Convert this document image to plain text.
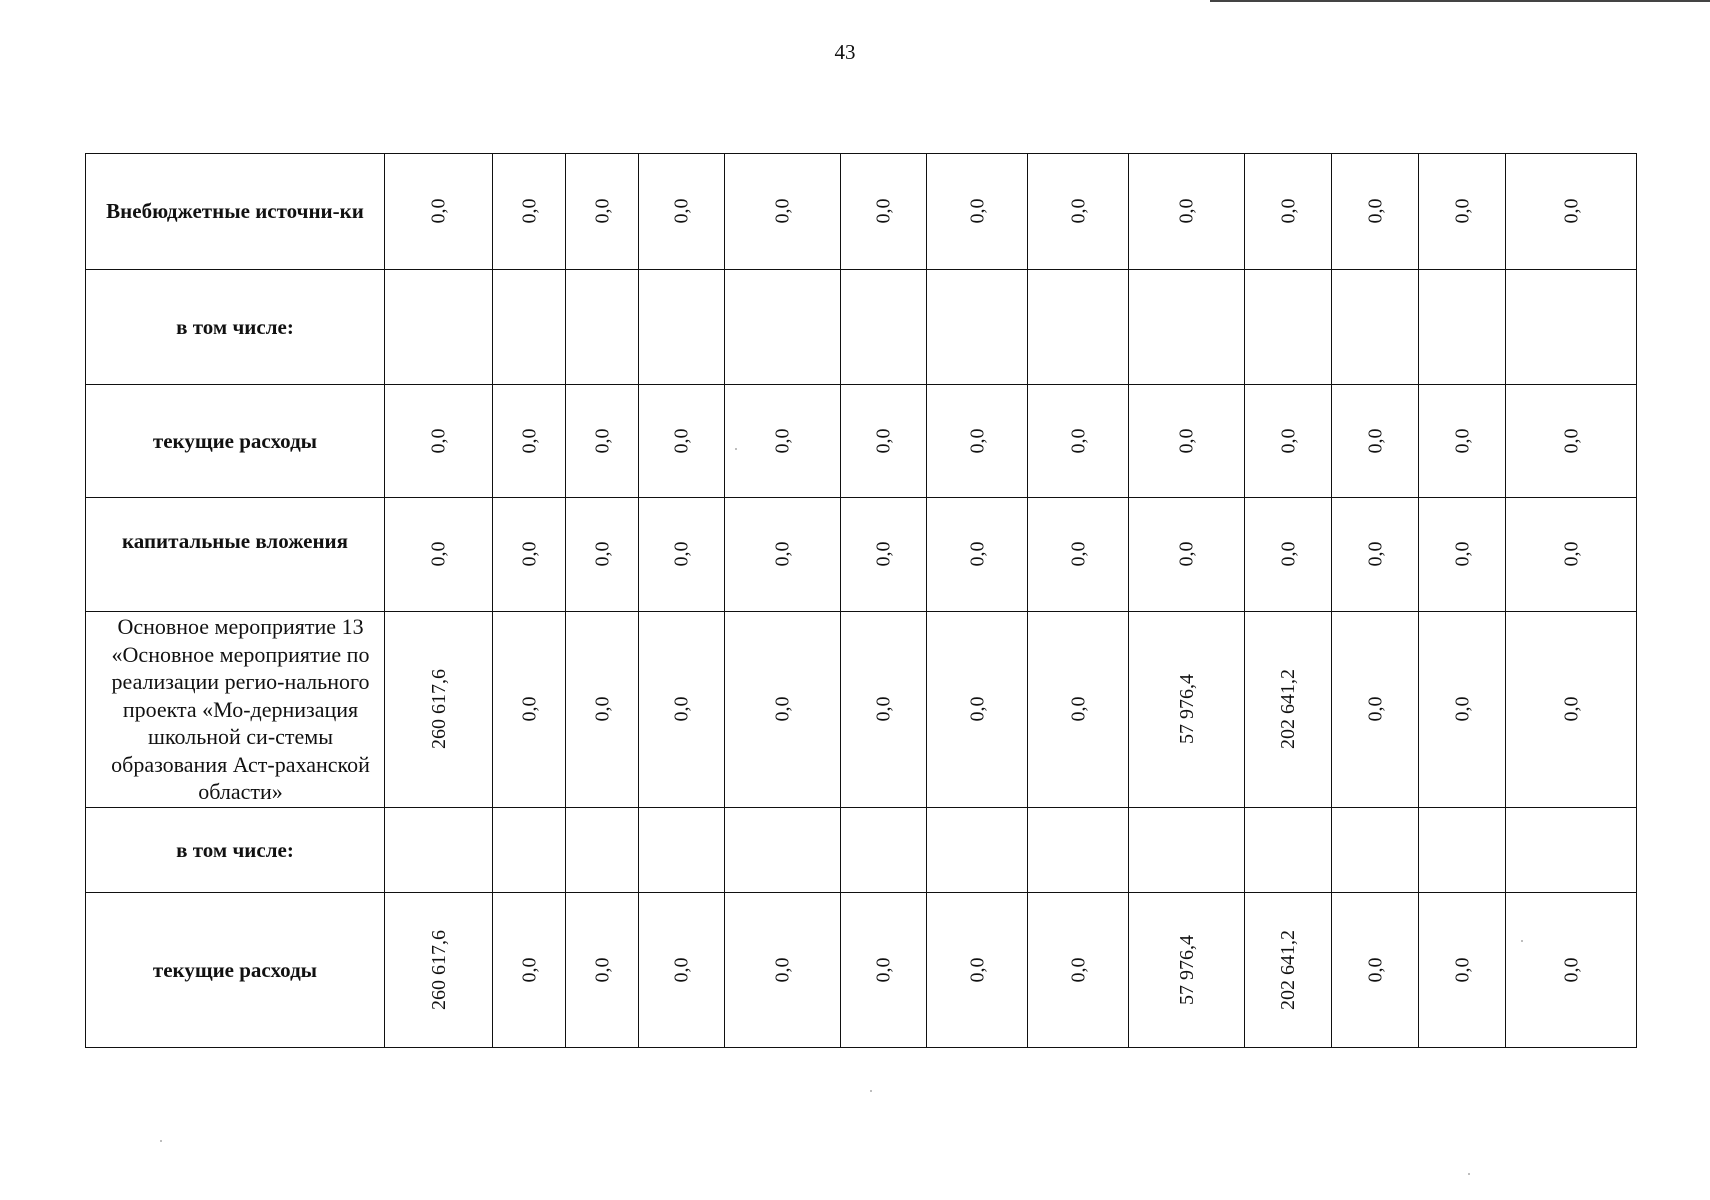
43
Внебюджетные источни-ки	0,0	0,0	0,0	0,0	0,0	0,0	0,0	0,0	0,0	0,0	0,0	0,0	0,0
в том числе:													
текущие расходы	0,0	0,0	0,0	0,0	0,0	0,0	0,0	0,0	0,0	0,0	0,0	0,0	0,0
капитальные вложения	0,0	0,0	0,0	0,0	0,0	0,0	0,0	0,0	0,0	0,0	0,0	0,0	0,0
Основное мероприятие 13 «Основное мероприятие по реализации регио-нального проекта «Мо-дернизация школьной си-стемы образования Аст-раханской области»	260 617,6	0,0	0,0	0,0	0,0	0,0	0,0	0,0	57 976,4	202 641,2	0,0	0,0	0,0
в том числе:													
текущие расходы	260 617,6	0,0	0,0	0,0	0,0	0,0	0,0	0,0	57 976,4	202 641,2	0,0	0,0	0,0
